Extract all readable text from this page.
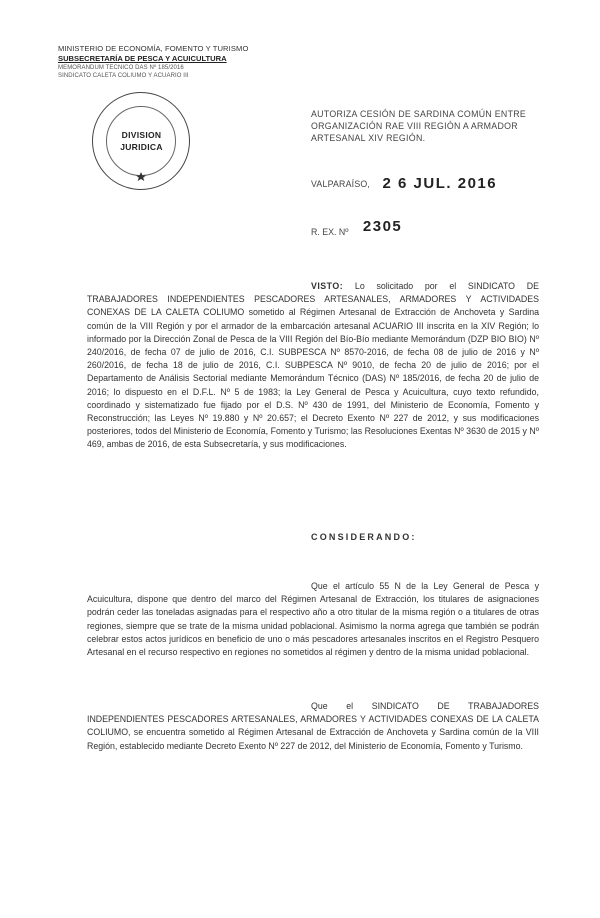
MINISTERIO DE ECONOMÍA, FOMENTO Y TURISMO
SUBSECRETARÍA DE PESCA Y ACUICULTURA
MEMORANDUM TECNICO DAS Nº 185/2016
SINDICATO CALETA COLIUMO Y ACUARIO III
DIVISION
JURIDICA
AUTORIZA CESIÓN DE SARDINA COMÚN ENTRE ORGANIZACIÓN RAE VIII REGIÓN A ARMADOR ARTESANAL XIV REGIÓN.
VALPARAÍSO, 2 6 JUL. 2016
R. EX. Nº 2305
VISTO: Lo solicitado por el SINDICATO DE TRABAJADORES INDEPENDIENTES PESCADORES ARTESANALES, ARMADORES Y ACTIVIDADES CONEXAS DE LA CALETA COLIUMO sometido al Régimen Artesanal de Extracción de Anchoveta y Sardina común de la VIII Región y por el armador de la embarcación artesanal ACUARIO III inscrita en la XIV Región; lo informado por la Dirección Zonal de Pesca de la VIII Región del Bío-Bío mediante Memorándum (DZP BIO BIO) Nº 240/2016, de fecha 07 de julio de 2016, C.I. SUBPESCA Nº 8570-2016, de fecha 08 de julio de 2016 y Nº 260/2016, de fecha 18 de julio de 2016, C.I. SUBPESCA Nº 9010, de fecha 20 de julio de 2016; por el Departamento de Análisis Sectorial mediante Memorándum Técnico (DAS) Nº 185/2016, de fecha 20 de julio de 2016; lo dispuesto en el D.F.L. Nº 5 de 1983; la Ley General de Pesca y Acuicultura, cuyo texto refundido, coordinado y sistematizado fue fijado por el D.S. Nº 430 de 1991, del Ministerio de Economía, Fomento y Reconstrucción; las Leyes Nº 19.880 y Nº 20.657; el Decreto Exento Nº 227 de 2012, y sus modificaciones posteriores, todos del Ministerio de Economía, Fomento y Turismo; las Resoluciones Exentas Nº 3630 de 2015 y Nº 469, ambas de 2016, de esta Subsecretaría, y sus modificaciones.
CONSIDERANDO:
Que el artículo 55 N de la Ley General de Pesca y Acuicultura, dispone que dentro del marco del Régimen Artesanal de Extracción, los titulares de asignaciones podrán ceder las toneladas asignadas para el respectivo año a otro titular de la misma región o a titulares de otras regiones, siempre que se trate de la misma unidad poblacional. Asimismo la norma agrega que también se podrán celebrar estos actos jurídicos en beneficio de uno o más pescadores artesanales inscritos en el Registro Pesquero Artesanal en el recurso respectivo en regiones no sometidos al régimen y dentro de la misma unidad poblacional.
Que el SINDICATO DE TRABAJADORES INDEPENDIENTES PESCADORES ARTESANALES, ARMADORES Y ACTIVIDADES CONEXAS DE LA CALETA COLIUMO, se encuentra sometido al Régimen Artesanal de Extracción de Anchoveta y Sardina común de la VIII Región, establecido mediante Decreto Exento Nº 227 de 2012, del Ministerio de Economía, Fomento y Turismo.
